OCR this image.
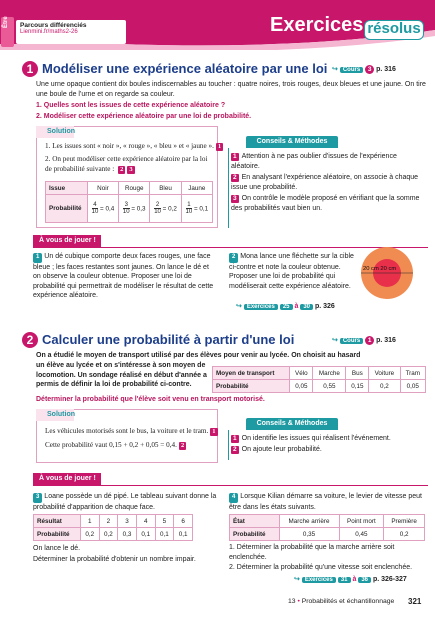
Être Parcours différenciés
Lienmini.fr/maths2-26	Exercices résolus
1 Modéliser une expérience aléatoire par une loi ↪ Cours 3 p. 316
Une urne opaque contient dix boules indiscernables au toucher : quatre noires, trois rouges, deux bleues et une jaune. On tire une boule de l'urne et on regarde sa couleur.
1. Quelles sont les issues de cette expérience aléatoire ?
2. Modéliser cette expérience aléatoire par une loi de probabilité.
Solution
1. Les issues sont « noir », « rouge », « bleu » et « jaune ». 1
2. On peut modéliser cette expérience aléatoire par la loi de probabilité suivante : 2 3
Issue	Noir	Rouge	Bleu	Jaune
Probabilité	$\frac{4}{10} = 0,4$	$\frac{3}{10} = 0,3$	$\frac{2}{10} = 0,2$	$\frac{1}{10} = 0,1$
Conseils & Méthodes
1 Attention à ne pas oublier d'issues de l'expérience aléatoire.
2 En analysant l'expérience aléatoire, on associe à chaque issue une probabilité.
3 On contrôle le modèle proposé en vérifiant que la somme des probabilités vaut bien un.
À vous de jouer !
1 Un dé cubique comporte deux faces rouges, une face bleue ; les faces restantes sont jaunes. On lance le dé et on observe la couleur obtenue. Proposer une loi de probabilité qui permettrait de modéliser le résultat de cette expérience aléatoire.
2 Mona lance une fléchette sur la cible ci-contre et note la couleur obtenue. Proposer une loi de probabilité qui modéliserait cette expérience aléatoire.
20 cm 20 cm
↪ Exercices 25 à 30 p. 326
2 Calculer une probabilité à partir d'une loi	↪ Cours 1 p. 316
On a étudié le moyen de transport utilisé par des élèves pour venir au lycée. On choisit au hasard
un élève au lycée et on s'intéresse à son moyen de locomotion. Un sondage réalisé en début d'année a permis de définir la loi de probabilité ci-contre.
Moyen de transport	Vélo	Marche	Bus	Voiture	Tram
Probabilité	0,05	0,55	0,15	0,2	0,05
Déterminer la probabilité que l'élève soit venu en transport motorisé.
Solution
Les véhicules motorisés sont le bus, la voiture et le tram. 1
Cette probabilité vaut 0,15 + 0,2 + 0,05 = 0,4. 2
Conseils & Méthodes
1 On identifie les issues qui réalisent l'événement.
2 On ajoute leur probabilité.
À vous de jouer !
3 Loane possède un dé pipé. Le tableau suivant donne la probabilité d'apparition de chaque face.
Résultat	1	2	3	4	5	6
Probabilité	0,2	0,2	0,3	0,1	0,1	0,1
On lance le dé.
Déterminer la probabilité d'obtenir un nombre impair.
4 Lorsque Kilian démarre sa voiture, le levier de vitesse peut être dans les états suivants.
État	Marche arrière	Point mort	Première
Probabilité	0,35	0,45	0,2
1. Déterminer la probabilité que la marche arrière soit enclenchée.
2. Déterminer la probabilité qu'une vitesse soit enclenchée.
↪ Exercices 31 à 36 p. 326-327
13 • Probabilités et échantillonnage 321
